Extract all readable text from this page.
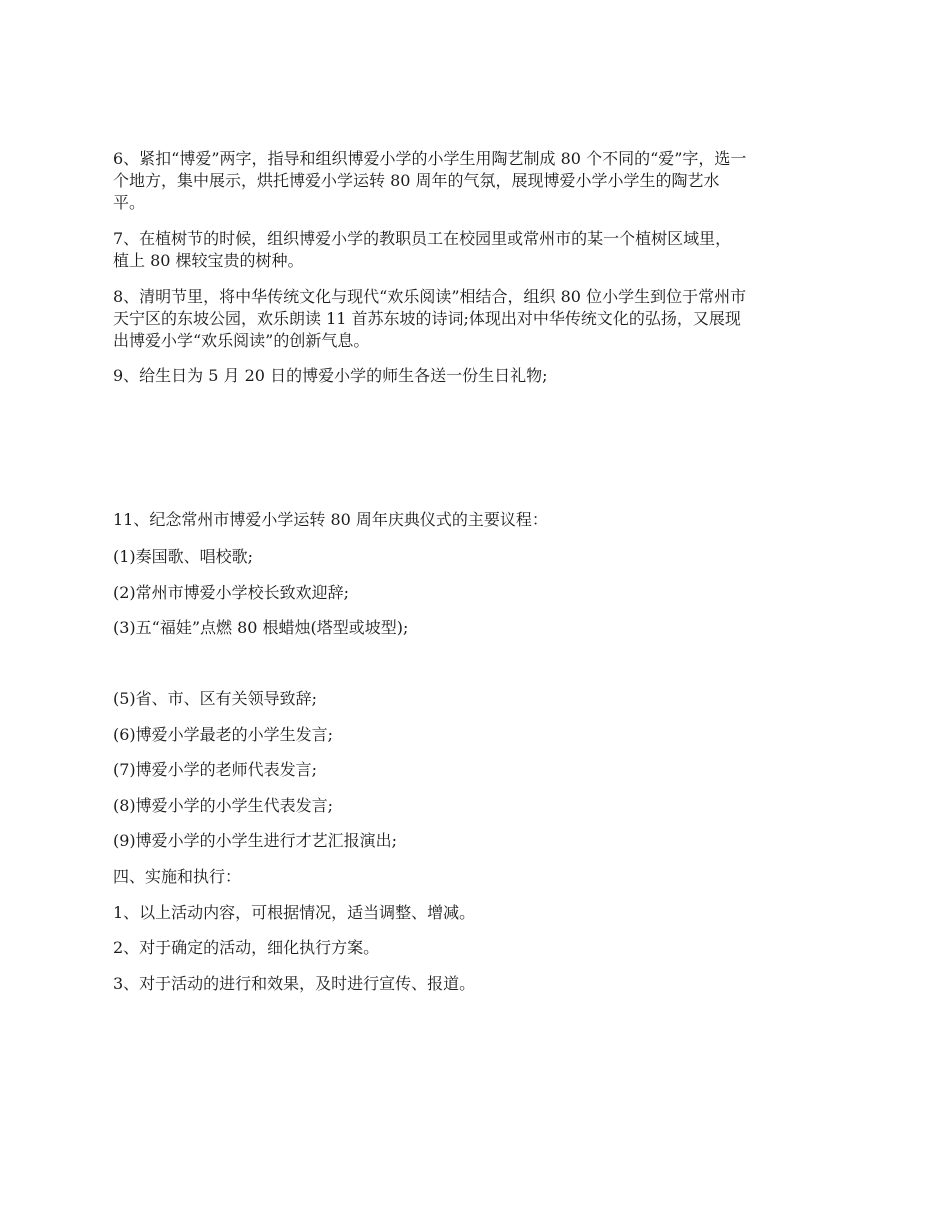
6、紧扣“博爱”两字，指导和组织博爱小学的小学生用陶艺制成 80 个不同的“爱”字，选一
个地方，集中展示，烘托博爱小学运转 80 周年的气氛，展现博爱小学小学生的陶艺水
平。

7、在植树节的时候，组织博爱小学的教职员工在校园里或常州市的某一个植树区域里，
植上 80 棵较宝贵的树种。

8、清明节里，将中华传统文化与现代“欢乐阅读”相结合，组织 80 位小学生到位于常州市
天宁区的东坡公园，欢乐朗读 11 首苏东坡的诗词;体现出对中华传统文化的弘扬，又展现
出博爱小学“欢乐阅读”的创新气息。

9、给生日为 5 月 20 日的博爱小学的师生各送一份生日礼物;

11、纪念常州市博爱小学运转 80 周年庆典仪式的主要议程：

(1)奏国歌、唱校歌;

(2)常州市博爱小学校长致欢迎辞;

(3)五“福娃”点燃 80 根蜡烛(塔型或坡型);

(5)省、市、区有关领导致辞;

(6)博爱小学最老的小学生发言;

(7)博爱小学的老师代表发言;

(8)博爱小学的小学生代表发言;

(9)博爱小学的小学生进行才艺汇报演出;

四、实施和执行：

1、以上活动内容，可根据情况，适当调整、增减。

2、对于确定的活动，细化执行方案。

3、对于活动的进行和效果，及时进行宣传、报道。
